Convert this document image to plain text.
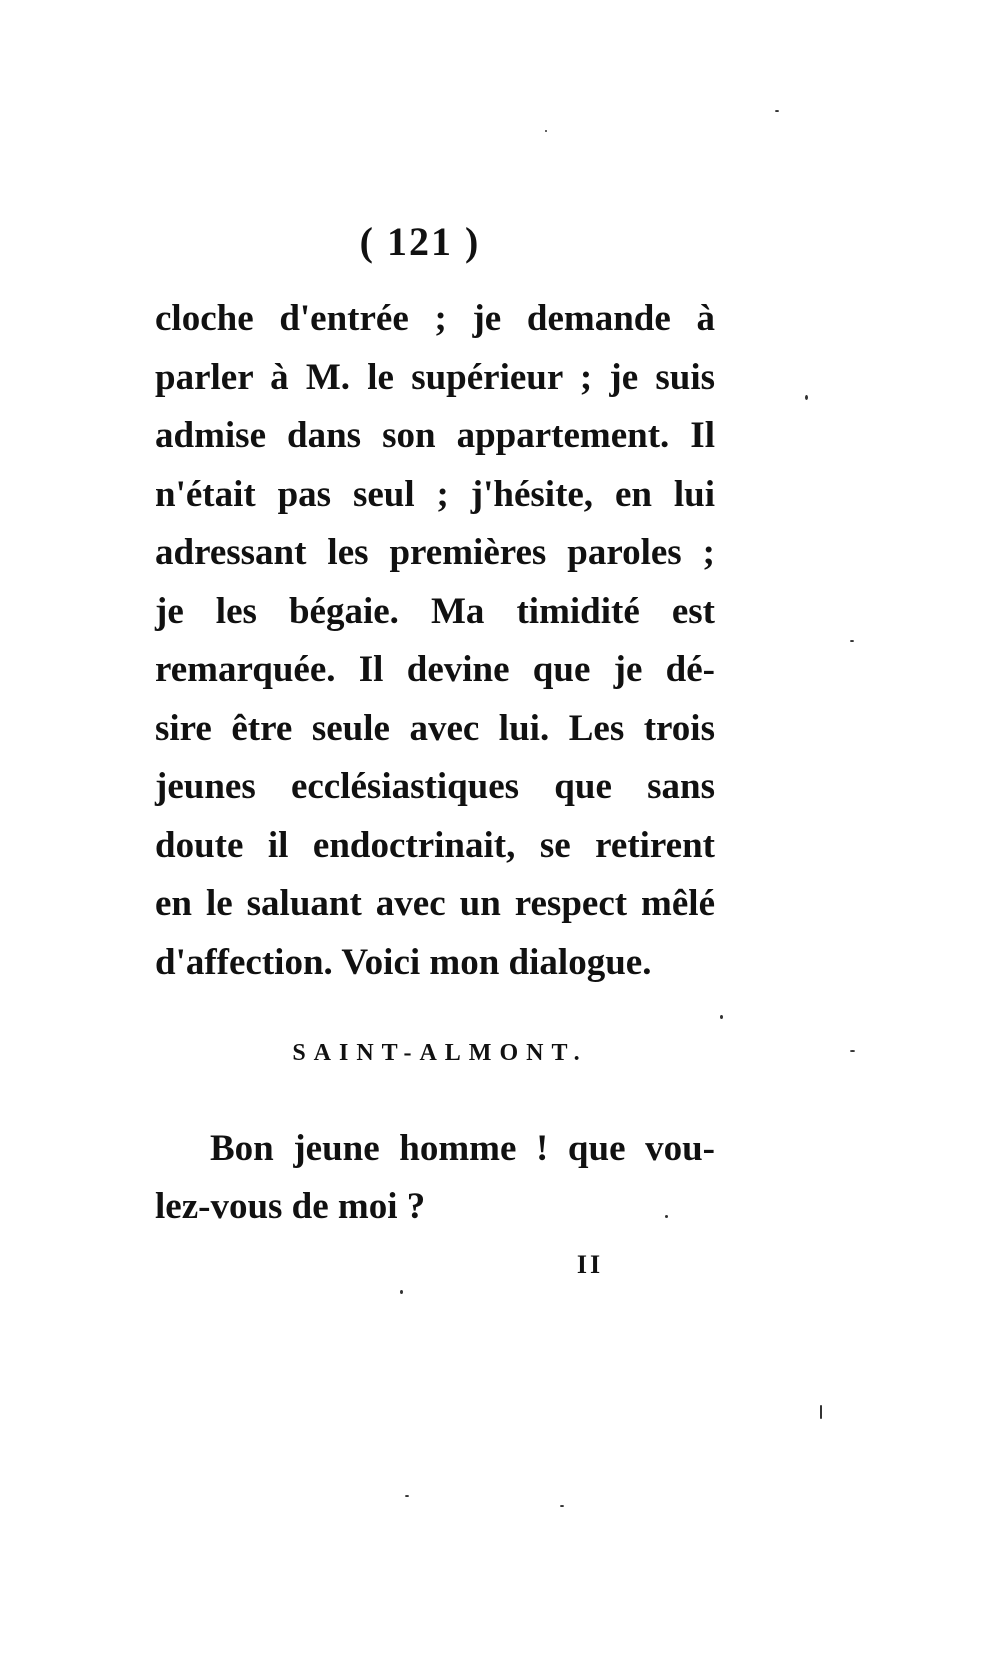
( 121 )
cloche d'entrée ; je demande à
parler à M. le supérieur ; je suis
admise dans son appartement. Il
n'était pas seul ; j'hésite, en lui
adressant les premières paroles ;
je les bégaie. Ma timidité est
remarquée. Il devine que je dé-
sire être seule avec lui. Les trois
jeunes ecclésiastiques que sans
doute il endoctrinait, se retirent
en le saluant avec un respect mêlé
d'affection. Voici mon dialogue.
SAINT-ALMONT.
Bon jeune homme ! que vou-
lez-vous de moi ?
II
